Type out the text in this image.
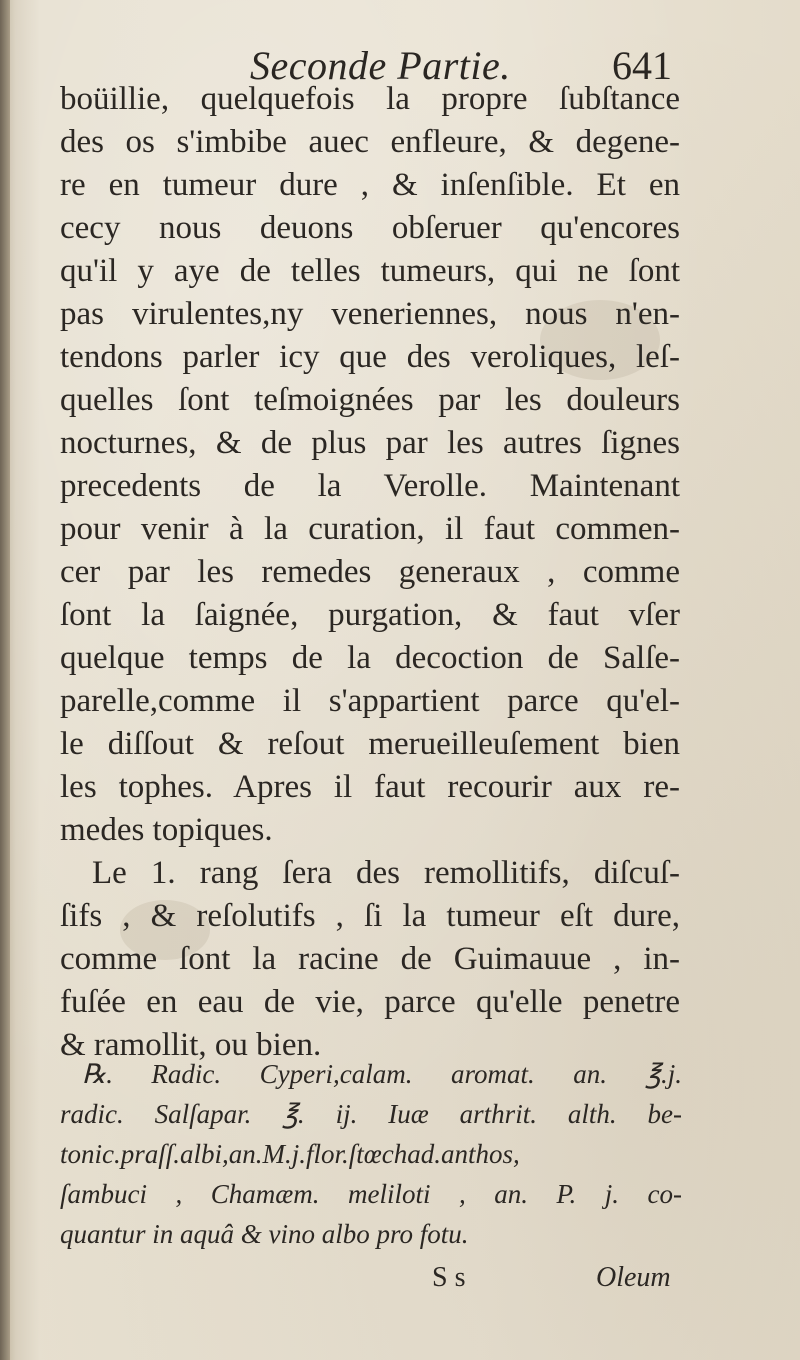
Seconde Partie.	641
boüillie, quelquefois la propre ſubſtance
des os s'imbibe auec enfleure, & degene-
re en tumeur dure , & inſenſible. Et en
cecy nous deuons obſeruer qu'encores
qu'il y aye de telles tumeurs, qui ne ſont
pas virulentes,ny veneriennes, nous n'en-
tendons parler icy que des veroliques, leſ-
quelles ſont teſmoignées par les douleurs
nocturnes, & de plus par les autres ſignes
precedents de la Verolle. Maintenant
pour venir à la curation, il faut commen-
cer par les remedes generaux , comme
ſont la ſaignée, purgation, & faut vſer
quelque temps de la decoction de Salſe-
parelle,comme il s'appartient parce qu'el-
le diſſout & reſout merueilleuſement bien
les tophes. Apres il faut recourir aux re-
medes topiques.
Le 1. rang ſera des remollitifs, diſcuſ-
ſifs , & reſolutifs , ſi la tumeur eſt dure,
comme ſont la racine de Guimauue , in-
fuſée en eau de vie, parce qu'elle penetre
& ramollit, ou bien.
℞. Radic. Cyperi,calam. aromat. an. ℥.j.
radic. Salſapar. ℥. ij. Iuæ arthrit. alth. be-
tonic.praſſ.albi,an.M.j.flor.ſtœchad.anthos,
ſambuci , Chamæm. meliloti , an. P. j. co-
quantur in aquâ & vino albo pro fotu.
S s	Oleum
